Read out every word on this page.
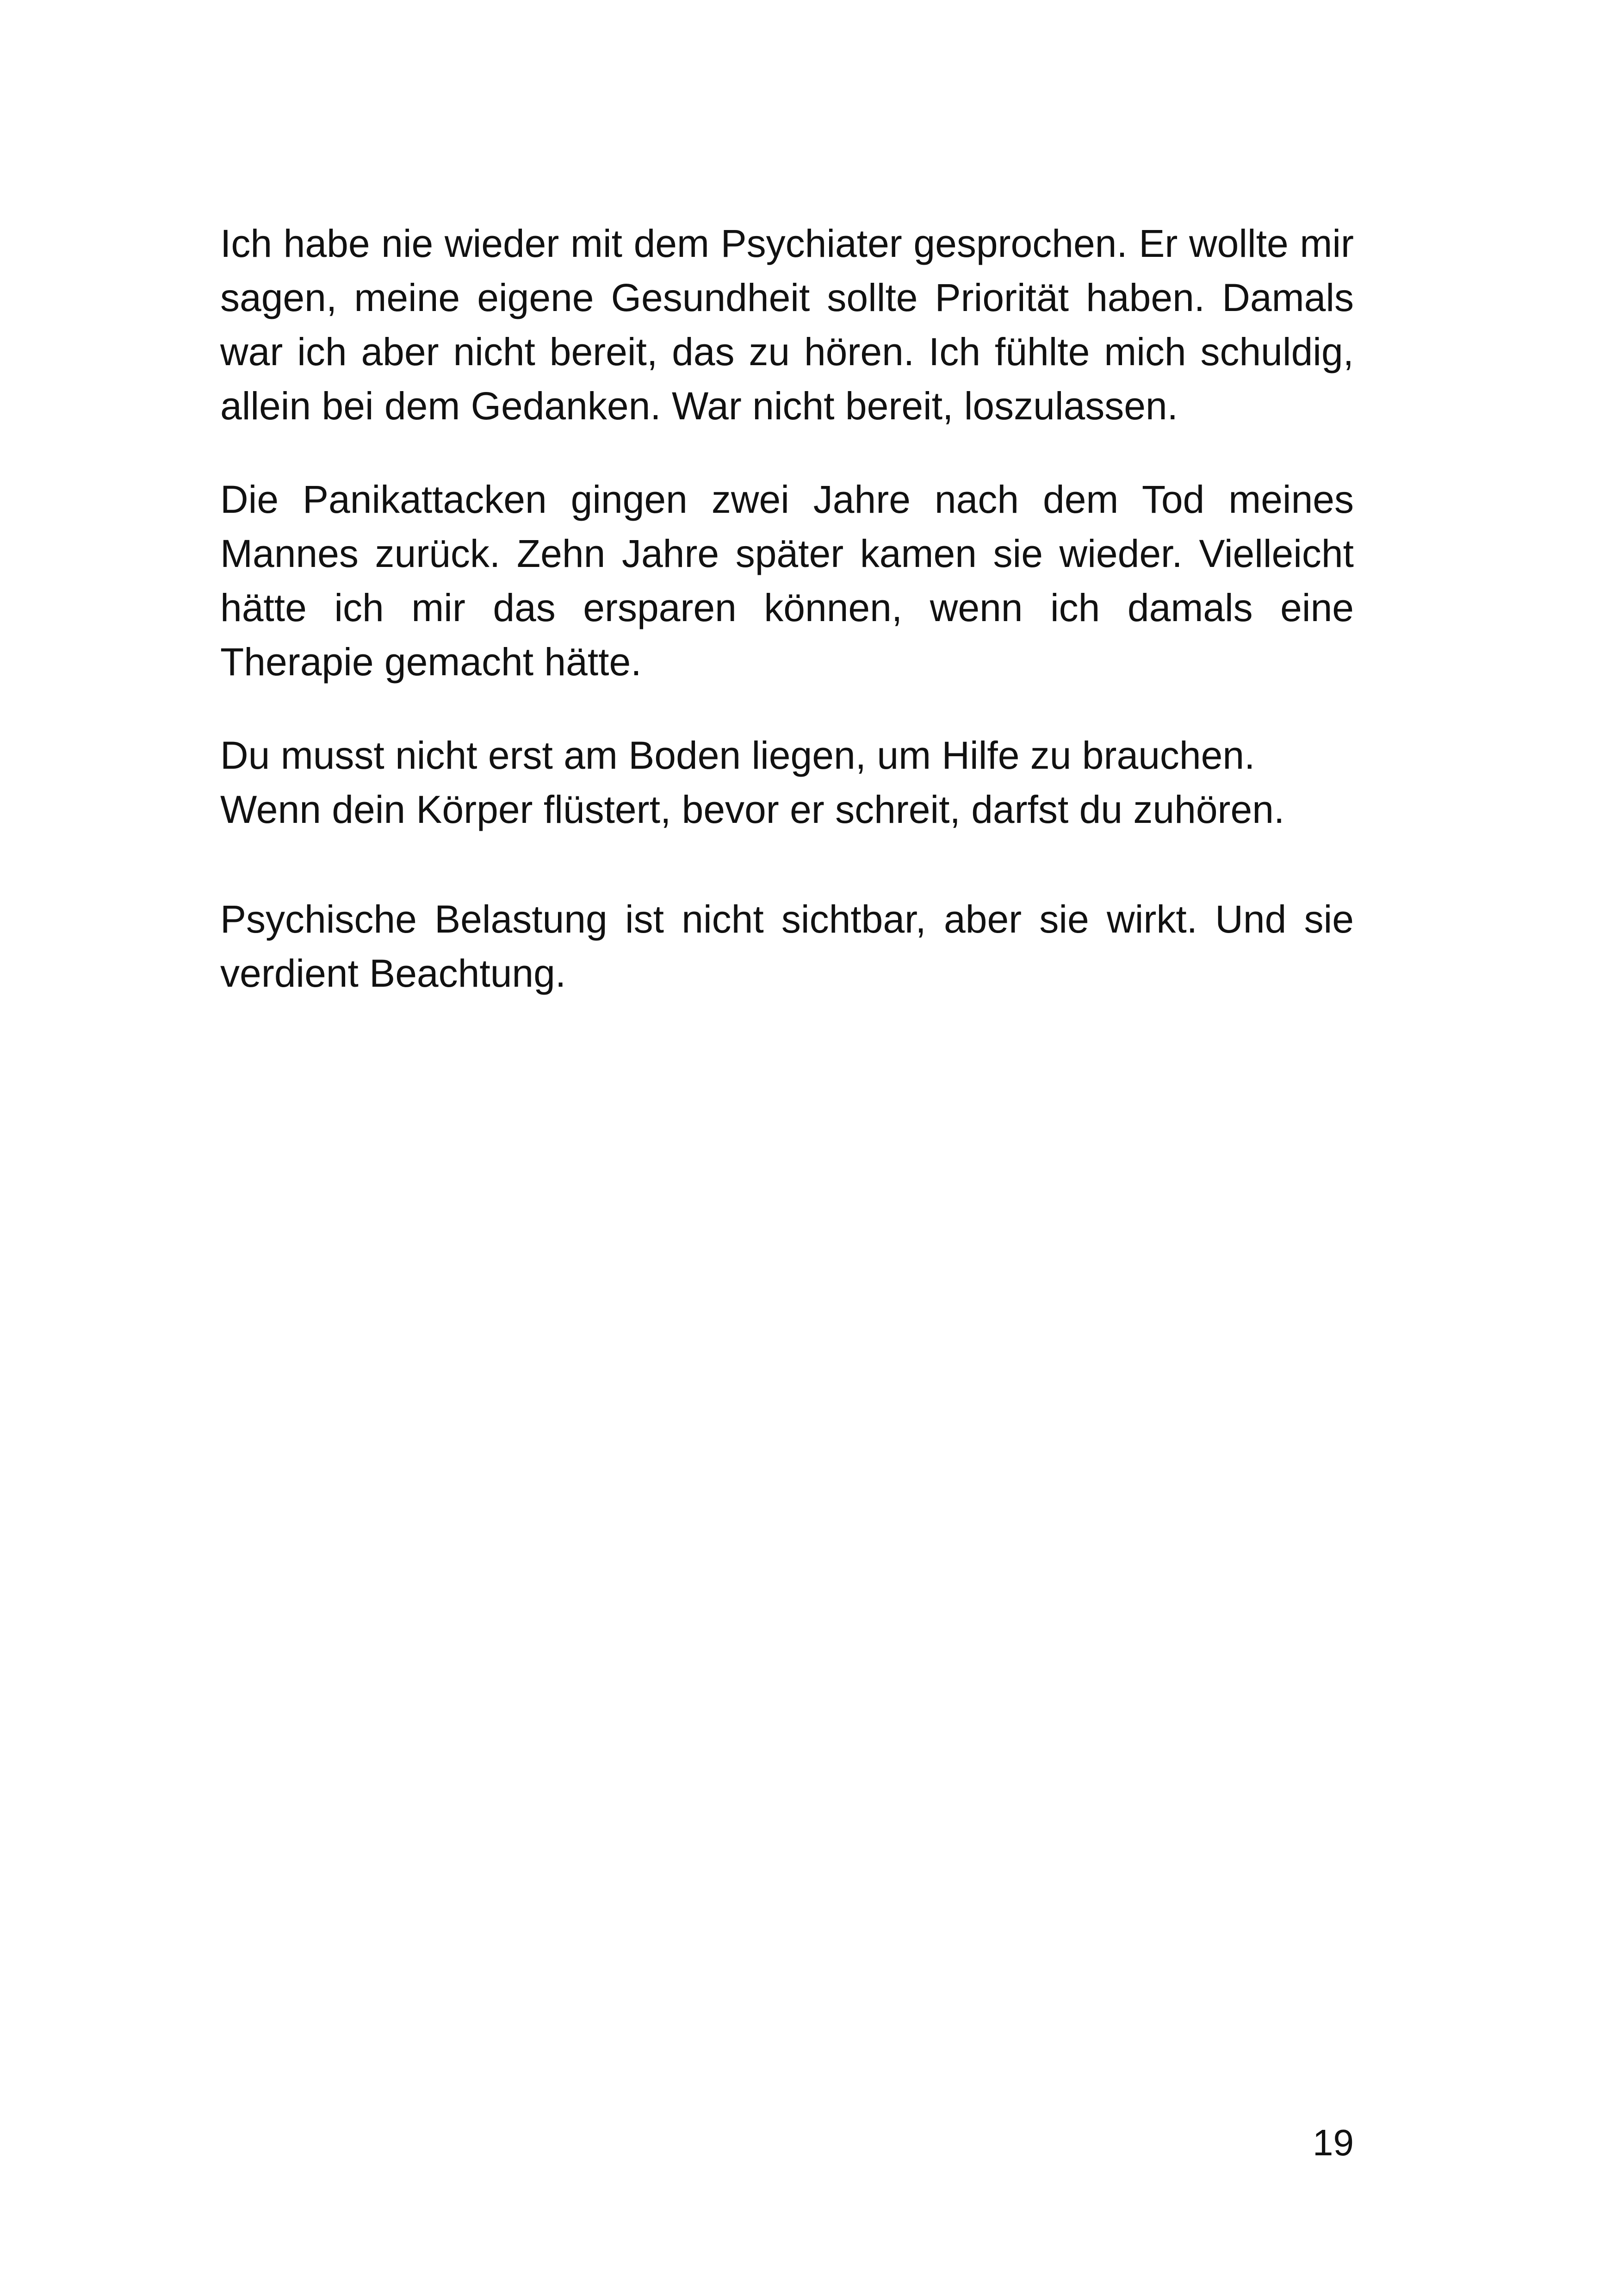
Ich habe nie wieder mit dem Psychiater gesprochen. Er wollte mir sagen, meine eigene Gesundheit sollte Priorität haben. Damals war ich aber nicht bereit, das zu hören. Ich fühlte mich schuldig, allein bei dem Gedanken. War nicht bereit, loszulassen.

Die Panikattacken gingen zwei Jahre nach dem Tod meines Mannes zurück. Zehn Jahre später kamen sie wieder. Vielleicht hätte ich mir das ersparen können, wenn ich damals eine Therapie gemacht hätte.

Du musst nicht erst am Boden liegen, um Hilfe zu brauchen.
Wenn dein Körper flüstert, bevor er schreit, darfst du zuhören.

Psychische Belastung ist nicht sichtbar, aber sie wirkt. Und sie verdient Beachtung.

19
